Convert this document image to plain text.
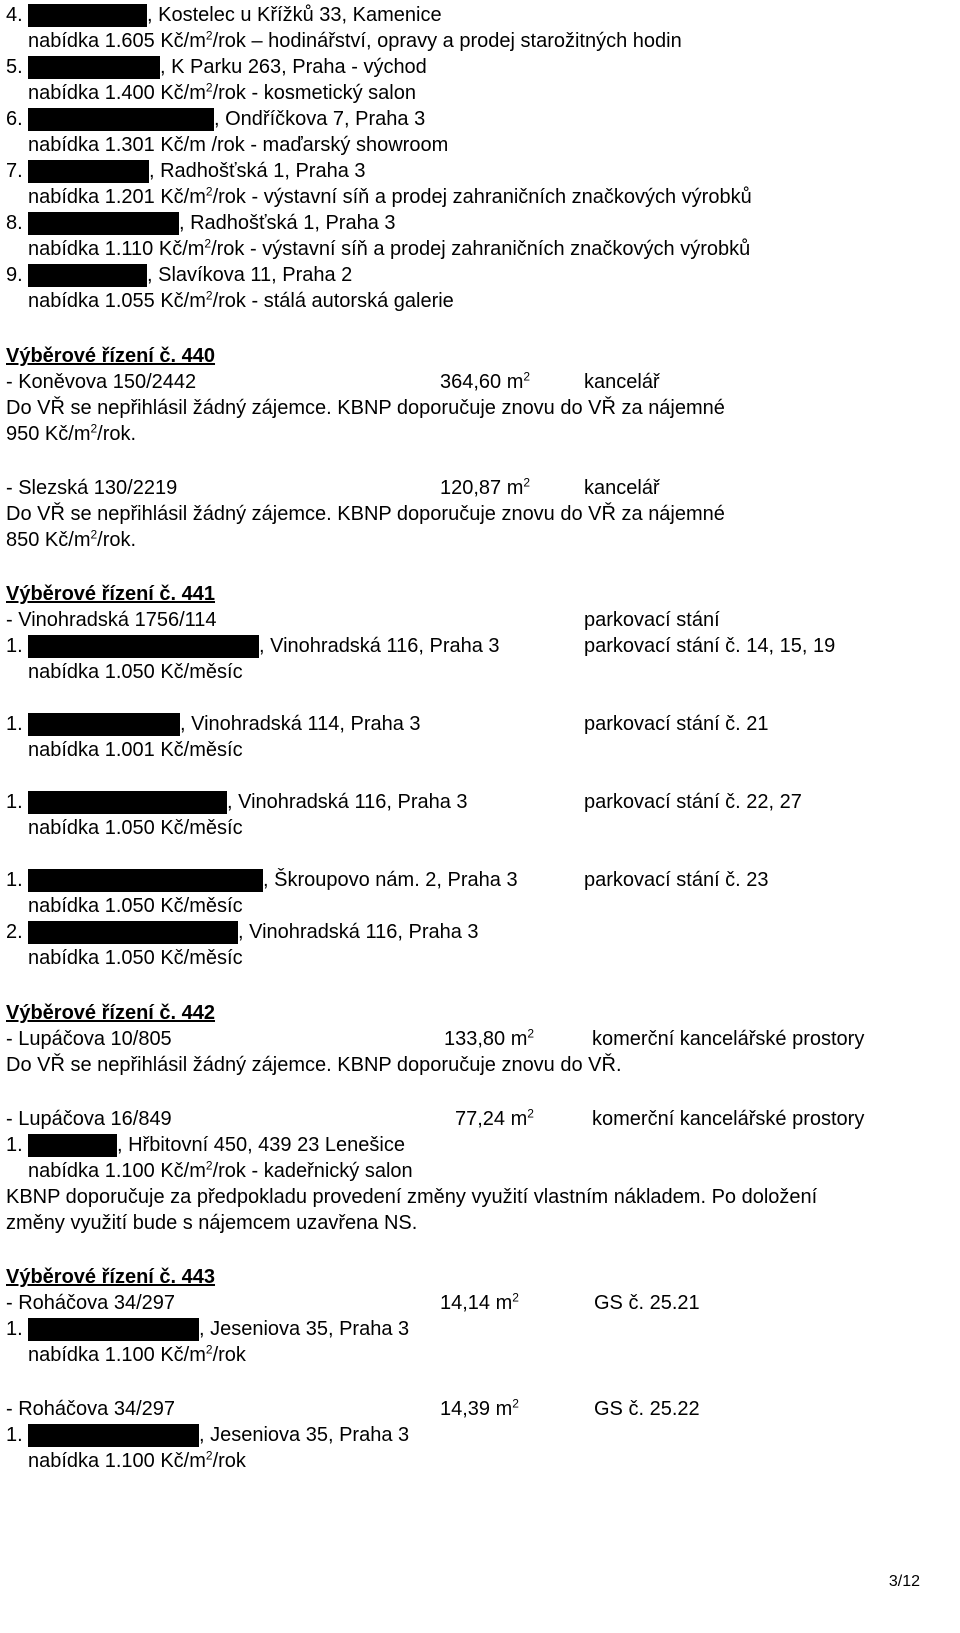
4.	, Kostelec u Křížků 33, Kamenice
nabídka 1.605 $Kč/m^2$/rok – hodinářství, opravy a prodej starožitných hodin
5.	, K Parku 263, Praha - východ
nabídka 1.400 $Kč/m^2$/rok - kosmetický salon
6.	, Ondříčkova 7, Praha 3
nabídka 1.301 Kč/m /rok - maďarský showroom
7.	, Radhošťská 1, Praha 3
nabídka 1.201 $Kč/m^2$/rok - výstavní síň a prodej zahraničních značkových výrobků
8.	, Radhošťská 1, Praha 3
nabídka 1.110 $Kč/m^2$/rok - výstavní síň a prodej zahraničních značkových výrobků
9.	, Slavíkova 11, Praha 2
nabídka 1.055 $Kč/m^2$/rok - stálá autorská galerie
Výběrové řízení č. 440
- Koněvova 150/2442	364,60 $m^2$	kancelář
Do VŘ se nepřihlásil žádný zájemce. KBNP doporučuje znovu do VŘ za nájemné
950 $Kč/m^2$/rok.
- Slezská 130/2219	120,87 $m^2$	kancelář
Do VŘ se nepřihlásil žádný zájemce. KBNP doporučuje znovu do VŘ za nájemné
850 $Kč/m^2$/rok.
Výběrové řízení č. 441
- Vinohradská 1756/114	parkovací stání
1.	, Vinohradská 116, Praha 3	parkovací stání č. 14, 15, 19
nabídka 1.050 Kč/měsíc
1.	, Vinohradská 114, Praha 3	parkovací stání č. 21
nabídka 1.001 Kč/měsíc
1.	, Vinohradská 116, Praha 3	parkovací stání č. 22, 27
nabídka 1.050 Kč/měsíc
1.	, Škroupovo nám. 2, Praha 3	parkovací stání č. 23
nabídka 1.050 Kč/měsíc
2.	, Vinohradská 116, Praha 3
nabídka 1.050 Kč/měsíc
Výběrové řízení č. 442
- Lupáčova 10/805	133,80 $m^2$	komerční kancelářské prostory
Do VŘ se nepřihlásil žádný zájemce. KBNP doporučuje znovu do VŘ.
- Lupáčova 16/849	77,24 $m^2$	komerční kancelářské prostory
1.	, Hřbitovní 450, 439 23 Lenešice
nabídka 1.100 $Kč/m^2$/rok - kadeřnický salon
KBNP doporučuje za předpokladu provedení změny využití vlastním nákladem. Po doložení
změny využití bude s nájemcem uzavřena NS.
Výběrové řízení č. 443
- Roháčova 34/297	14,14 $m^2$	GS č. 25.21
1.	, Jeseniova 35, Praha 3
nabídka 1.100 $Kč/m^2$/rok
- Roháčova 34/297	14,39 $m^2$	GS č. 25.22
1.	, Jeseniova 35, Praha 3
nabídka 1.100 $Kč/m^2$/rok
3/12
